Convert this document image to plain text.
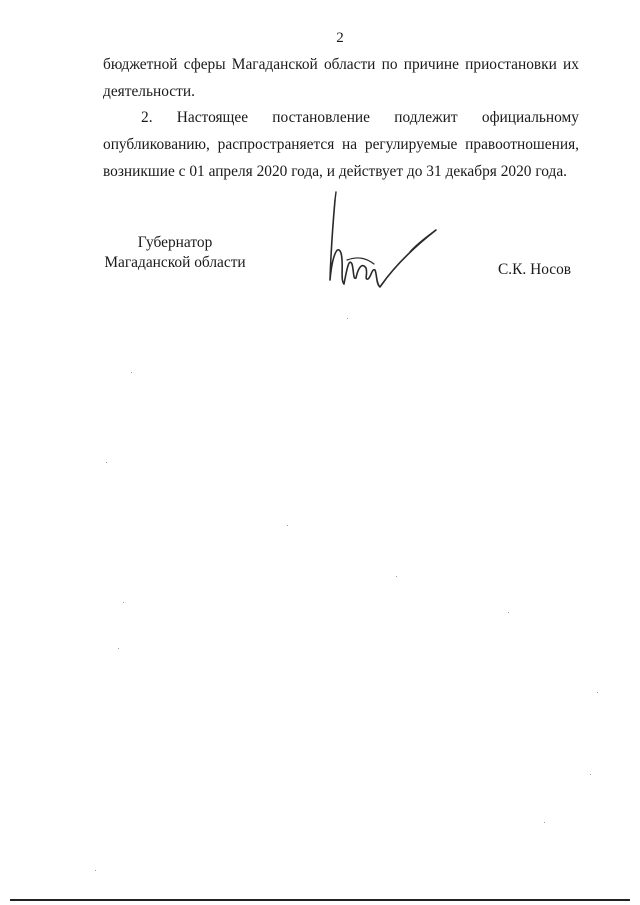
2
бюджетной сферы Магаданской области по причине приостановки их деятельности.
2. Настоящее постановление подлежит официальному
опубликованию, распространяется на регулируемые правоотношения, возникшие с 01 апреля 2020 года, и действует до 31 декабря 2020 года.
Губернатор
Магаданской области	С.К. Носов
